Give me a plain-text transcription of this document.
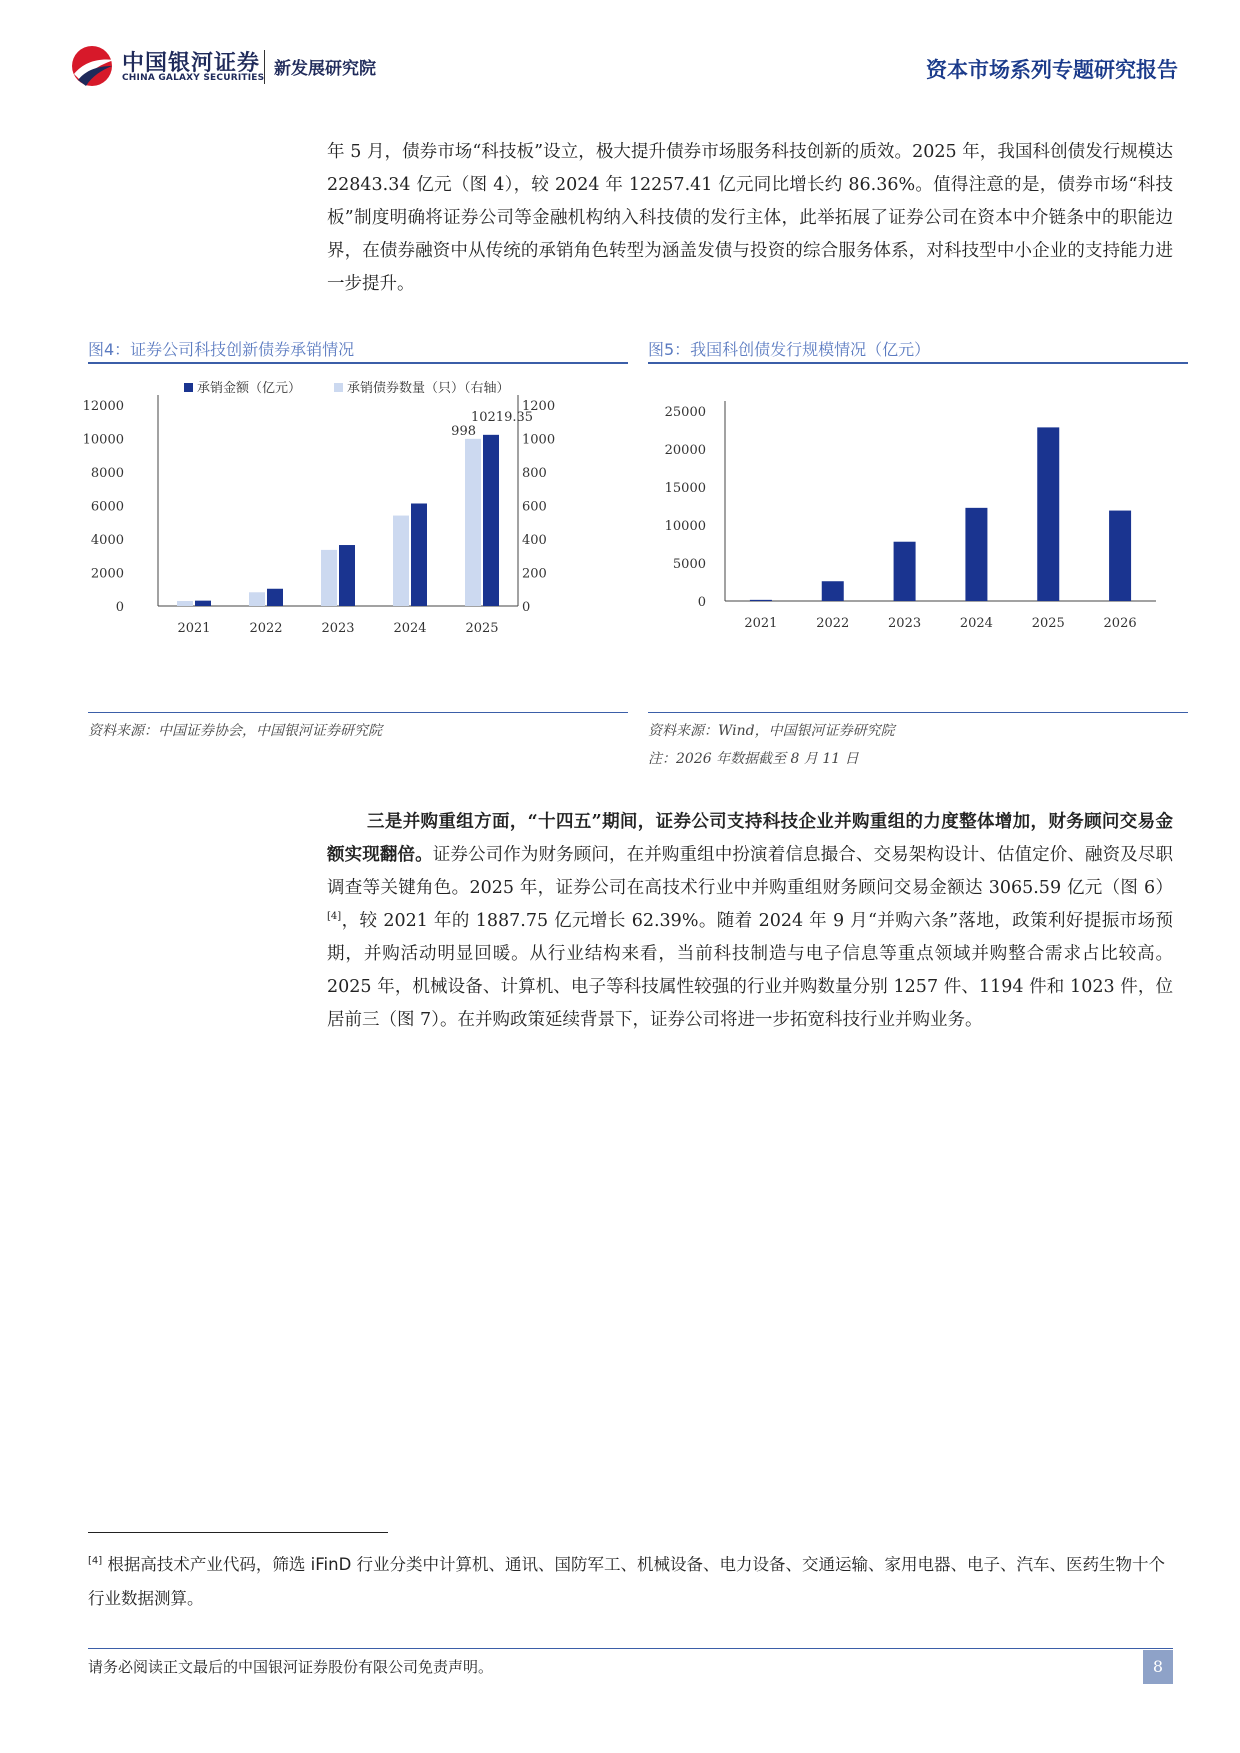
中国银河证券
CHINA GALAXY SECURITIES 新发展研究院	资本市场系列专题研究报告
年 5 月，债券市场“科技板”设立，极大提升债券市场服务科技创新的质效。2025 年，我国科创债发行规模达 22843.34 亿元（图 4），较 2024 年 12257.41 亿元同比增长约 86.36%。值得注意的是，债券市场“科技板”制度明确将证券公司等金融机构纳入科技债的发行主体，此举拓展了证券公司在资本中介链条中的职能边界，在债券融资中从传统的承销角色转型为涵盖发债与投资的综合服务体系，对科技型中小企业的支持能力进一步提升。
图4：证券公司科技创新债券承销情况
承销金额（亿元）	承销债券数量（只）（右轴）
0
2000
4000
6000
8000
10000
12000
0
200
400
600
800
1000
1200
2021	2022	2023	2024	2025
998
10219.35
资料来源：中国证券协会，中国银河证券研究院
图5：我国科创债发行规模情况（亿元）
0
5000
10000
15000
20000
25000
2021	2022	2023	2024	2025	2026
资料来源：Wind，中国银河证券研究院
注：2026 年数据截至 8 月 11 日
三是并购重组方面，“十四五”期间，证券公司支持科技企业并购重组的力度整体增加，财务顾问交易金额实现翻倍。证券公司作为财务顾问，在并购重组中扮演着信息撮合、交易架构设计、估值定价、融资及尽职调查等关键角色。2025 年，证券公司在高技术行业中并购重组财务顾问交易金额达 3065.59 亿元（图 6）[4]，较 2021 年的 1887.75 亿元增长 62.39%。随着 2024 年 9 月“并购六条”落地，政策利好提振市场预期，并购活动明显回暖。从行业结构来看，当前科技制造与电子信息等重点领域并购整合需求占比较高。2025 年，机械设备、计算机、电子等科技属性较强的行业并购数量分别 1257 件、1194 件和 1023 件，位居前三（图 7）。在并购政策延续背景下，证券公司将进一步拓宽科技行业并购业务。
[4] 根据高技术产业代码，筛选 iFinD 行业分类中计算机、通讯、国防军工、机械设备、电力设备、交通运输、家用电器、电子、汽车、医药生物十个行业数据测算。
请务必阅读正文最后的中国银河证券股份有限公司免责声明。	8
